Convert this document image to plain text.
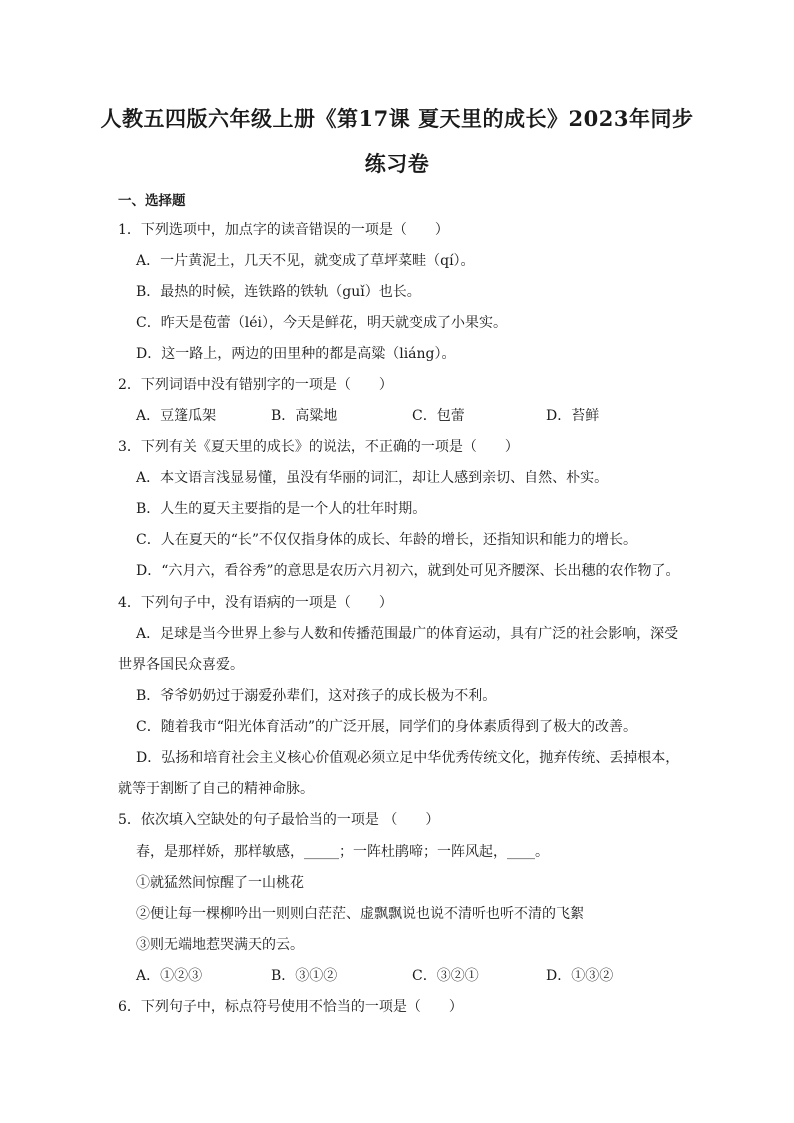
人教五四版六年级上册《第17课 夏天里的成长》2023年同步
练习卷
一、选择题
1．下列选项中，加点字的读音错误的一项是（　　）
A．一片黄泥土，几天不见，就变成了草坪菜畦（qí）。
B．最热的时候，连铁路的铁轨（guǐ）也长。
C．昨天是苞蕾（léi），今天是鲜花，明天就变成了小果实。
D．这一路上，两边的田里种的都是高粱（liáng）。
2．下列词语中没有错别字的一项是（　　）
A．豆篷瓜架	B．高粱地	C．包蕾	D．苔鲜
3．下列有关《夏天里的成长》的说法，不正确的一项是（　　）
A．本文语言浅显易懂，虽没有华丽的词汇，却让人感到亲切、自然、朴实。
B．人生的夏天主要指的是一个人的壮年时期。
C．人在夏天的“长”不仅仅指身体的成长、年龄的增长，还指知识和能力的增长。
D．“六月六，看谷秀”的意思是农历六月初六，就到处可见齐腰深、长出穗的农作物了。
4．下列句子中，没有语病的一项是（　　）
A．足球是当今世界上参与人数和传播范围最广的体育运动，具有广泛的社会影响，深受
世界各国民众喜爱。
B．爷爷奶奶过于溺爱孙辈们，这对孩子的成长极为不利。
C．随着我市“阳光体育活动”的广泛开展，同学们的身体素质得到了极大的改善。
D．弘扬和培育社会主义核心价值观必须立足中华优秀传统文化，抛弃传统、丢掉根本，
就等于割断了自己的精神命脉。
5．依次填入空缺处的句子最恰当的一项是 （　　）
春，是那样娇，那样敏感，_____；一阵杜鹃啼；一阵风起，____。
①就猛然间惊醒了一山桃花
②便让每一棵柳吟出一则则白茫茫、虚飘飘说也说不清听也听不清的飞絮
③则无端地惹哭满天的云。
A．①②③	B．③①②	C．③②①	D．①③②
6．下列句子中，标点符号使用不恰当的一项是（　　）
